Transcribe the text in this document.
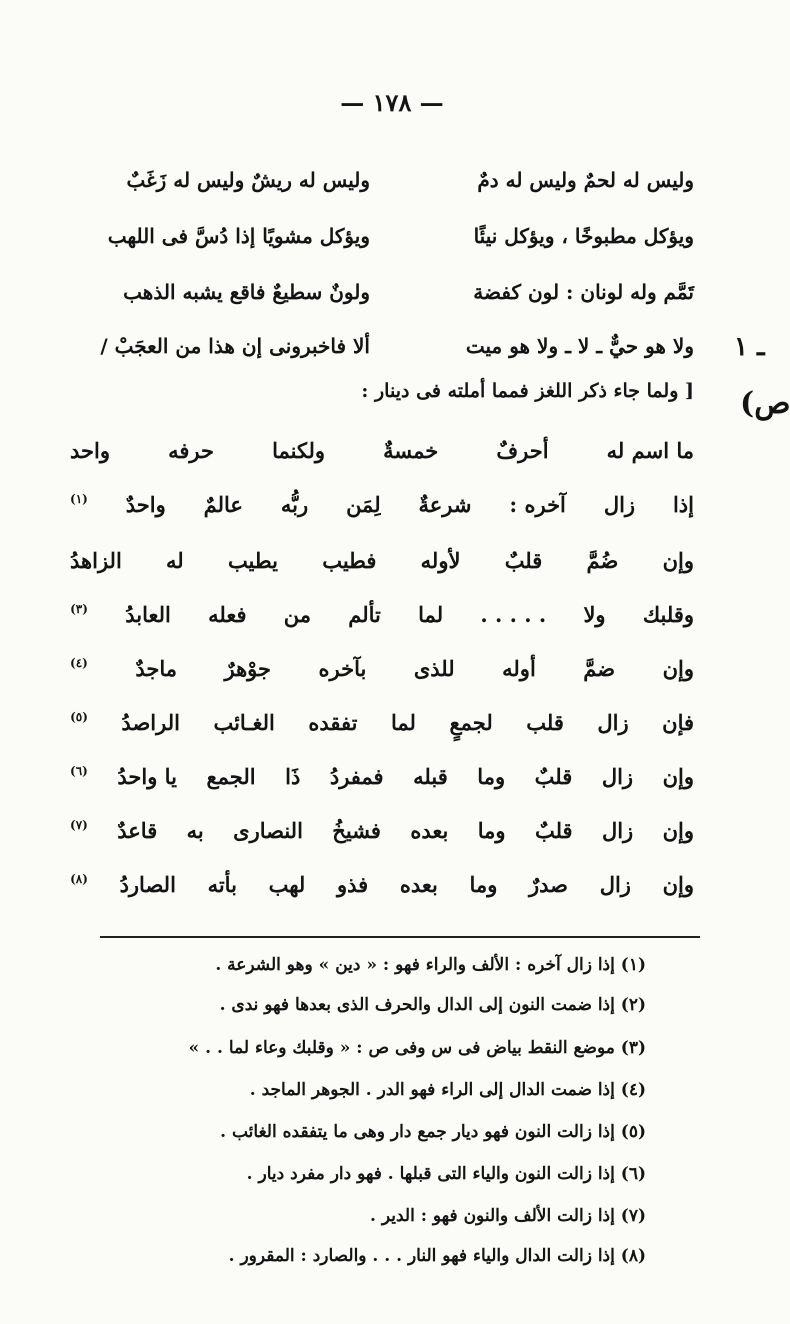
— ١٧٨ —
ـ ١
ص)
وليس له لحمٌ وليس له دمٌ
وليس له ريشٌ وليس له زَغَبٌ
ويؤكل مطبوخًا ، ويؤكل نيئًا
ويؤكل مشويًا إذا دُسَّ فى اللهب
تَمَّم وله لونان : لون كفضة
ولونٌ سطيعٌ فاقع يشبه الذهب
ولا هو حيٌّ ـ لا ـ ولا هو ميت
ألا فاخبرونى إن هذا من العجَبْ /
[ ولما جاء ذكر اللغز فمما أملته فى دينار :
ما اسم له
أحرفٌ
خمسةٌ
ولكنما
حرفه
واحد
إذا
زال
آخره :
شرعةٌ
لِمَن
ربُّه
عالمٌ
واحدٌ
(١)
وإن
ضُمَّ
قلبٌ
لأوله
فطيب
يطيب
له
الزاهدُ
وقلبك
ولا
. . . . .
لما
تألم
من
فعله
العابدُ
(٣)
وإن
ضمَّ
أوله
للذى
بآخره
جوْهرٌ
ماجدٌ
(٤)
فإن
زال
قلب
لجمعٍ
لما
تفقده
الغـائب
الراصدُ
(٥)
وإن
زال
قلبٌ
وما
قبله
فمفردُ
ذَا
الجمع
يا واحدُ
(٦)
وإن
زال
قلبٌ
وما
بعده
فشيخُ
النصارى
به
قاعدٌ
(٧)
وإن
زال
صدرٌ
وما
بعده
فذو
لهب
بأته
الصاردُ
(٨)
(١) إذا زال آخره : الألف والراء فهو : « دين » وهو الشرعة .
(٢) إذا ضمت النون إلى الدال والحرف الذى بعدها فهو ندى .
(٣) موضع النقط بياض فى س وفى ص : « وقلبك وعاء لما . . »
(٤) إذا ضمت الدال إلى الراء فهو الدر . الجوهر الماجد .
(٥) إذا زالت النون فهو ديار جمع دار وهى ما يتفقده الغائب .
(٦) إذا زالت النون والياء التى قبلها . فهو دار مفرد ديار .
(٧) إذا زالت الألف والنون فهو : الدير .
(٨) إذا زالت الدال والياء فهو النار . . . والصارد : المقرور .
